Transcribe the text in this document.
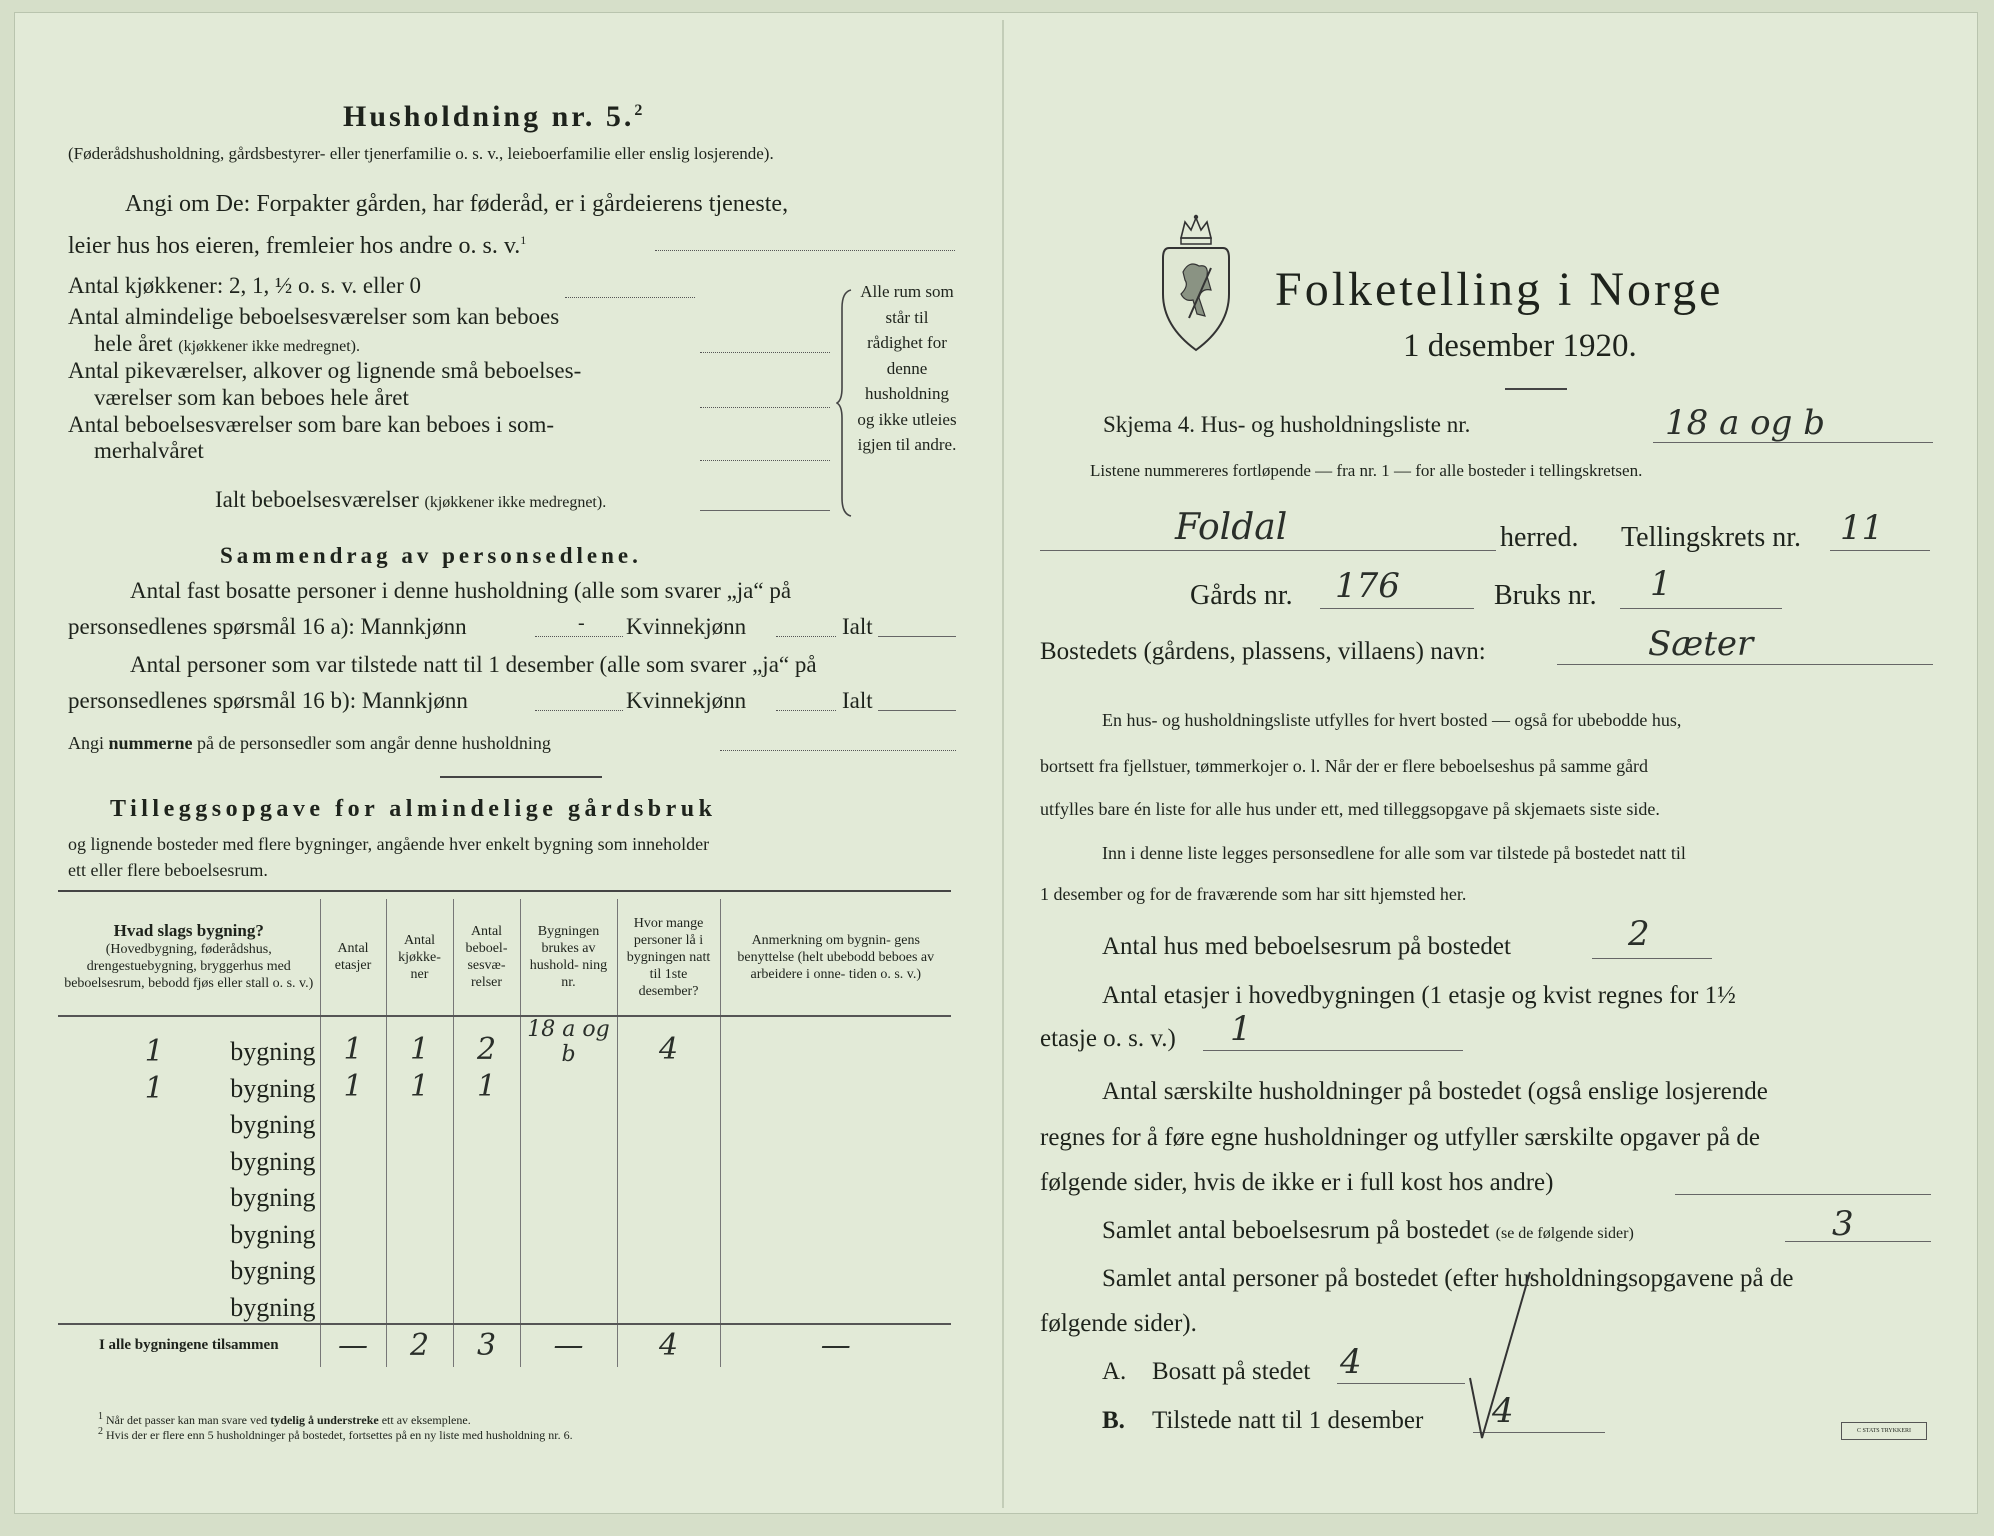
Husholdning nr. 5.$^2$
(Føderådshusholdning, gårdsbestyrer- eller tjenerfamilie o. s. v., leieboerfamilie eller enslig losjerende).
Angi om De: Forpakter gården, har føderåd, er i gårdeierens tjeneste,
leier hus hos eieren, fremleier hos andre o. s. v.$^1$
Antal kjøkkener: 2, 1, ½ o. s. v. eller 0
Antal almindelige beboelsesværelser som kan beboes
hele året (kjøkkener ikke medregnet).
Antal pikeværelser, alkover og lignende små beboelses-
værelser som kan beboes hele året
Antal beboelsesværelser som bare kan beboes i som-
merhalvåret
Ialt beboelsesværelser (kjøkkener ikke medregnet).
Alle rum som står til rådighet for denne husholdning og ikke utleies igjen til andre.
Sammendrag av personsedlene.
Antal fast bosatte personer i denne husholdning (alle som svarer „ja“ på
personsedlenes spørsmål 16 a): Mannkjønn	- Kvinnekjønn	Ialt
Antal personer som var tilstede natt til 1 desember (alle som svarer „ja“ på
personsedlenes spørsmål 16 b): Mannkjønn	Kvinnekjønn	Ialt
Angi nummerne på de personsedler som angår denne husholdning
Tilleggsopgave for almindelige gårdsbruk
og lignende bosteder med flere bygninger, angående hver enkelt bygning som inneholder
ett eller flere beboelsesrum.
Hvad slags bygning?
(Hovedbygning, føderådshus, drengestuebygning, bryggerhus med beboelsesrum, bebodd fjøs eller stall o. s. v.)	Antal etasjer	Antal kjøkke- ner	Antal beboel- sesvæ- relser	Bygningen brukes av hushold- ning nr.	Hvor mange personer lå i bygningen natt til 1ste desember?	Anmerkning om bygnin- gens benyttelse (helt ubebodd beboes av arbeidere i onne- tiden o. s. v.)

1 bygning	1	1	2	18 a og b	4	

1 bygning	1	1	1			

bygning						

bygning						

bygning						

bygning						

bygning						

bygning						

I alle bygningene tilsammen	—	2	3	—	4	—
$^1$ Når det passer kan man svare ved tydelig å understreke ett av eksemplene.
$^2$ Hvis der er flere enn 5 husholdninger på bostedet, fortsettes på en ny liste med husholdning nr. 6.
Folketelling i Norge
1 desember 1920.
Skjema 4. Hus- og husholdningsliste nr.	18 a og b
Listene nummereres fortløpende — fra nr. 1 — for alle bosteder i tellingskretsen.
Foldal	herred. Tellingskrets nr. 11
Gårds nr. 176	Bruks nr. 1
Bostedets (gårdens, plassens, villaens) navn:	Sæter
En hus- og husholdningsliste utfylles for hvert bosted — også for ubebodde hus,
bortsett fra fjellstuer, tømmerkojer o. l. Når der er flere beboelseshus på samme gård
utfylles bare én liste for alle hus under ett, med tilleggsopgave på skjemaets siste side.
Inn i denne liste legges personsedlene for alle som var tilstede på bostedet natt til
1 desember og for de fraværende som har sitt hjemsted her.
Antal hus med beboelsesrum på bostedet	2
Antal etasjer i hovedbygningen (1 etasje og kvist regnes for 1½
etasje o. s. v.) 1
Antal særskilte husholdninger på bostedet (også enslige losjerende
regnes for å føre egne husholdninger og utfyller særskilte opgaver på de
følgende sider, hvis de ikke er i full kost hos andre)
Samlet antal beboelsesrum på bostedet (se de følgende sider)	3
Samlet antal personer på bostedet (efter husholdningsopgavene på de
følgende sider).
A. Bosatt på stedet 4
B. Tilstede natt til 1 desember 4	C STATS TRYKKERI
